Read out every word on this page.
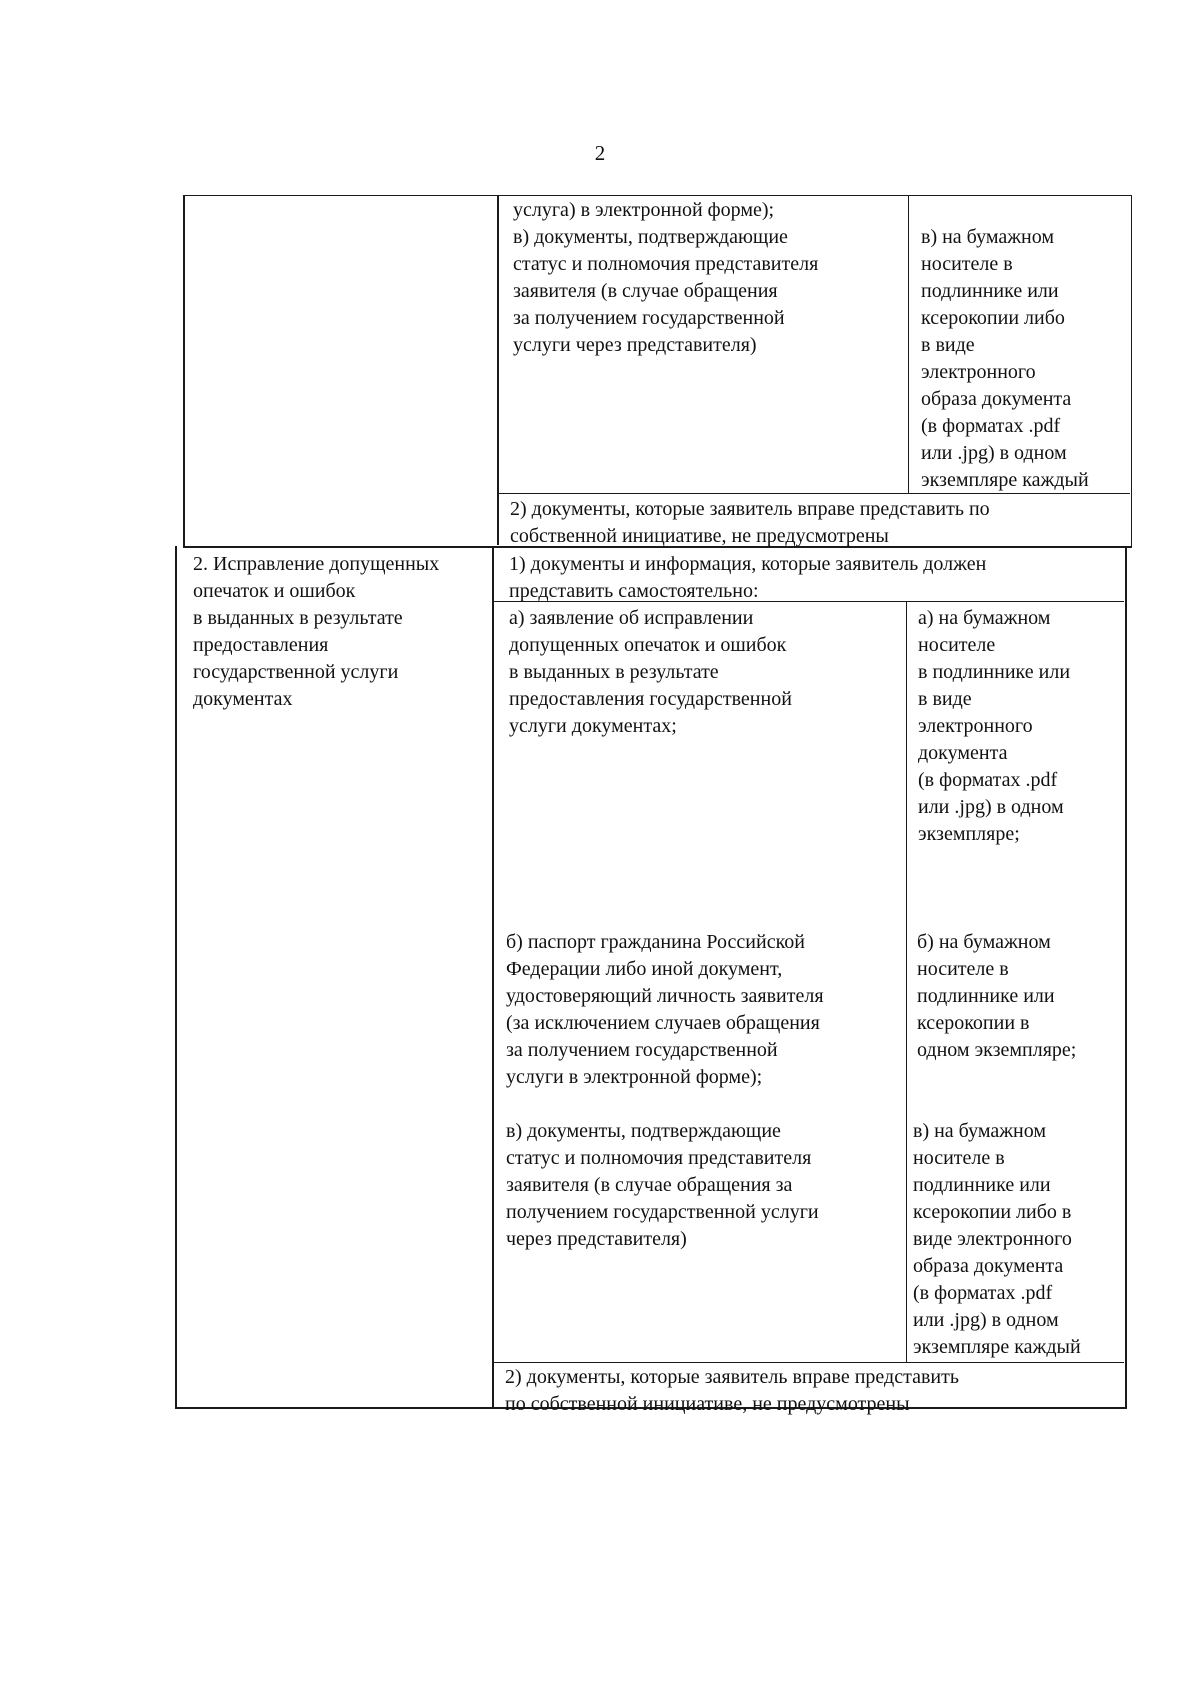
2
услуга) в электронной форме);
в) документы, подтверждающие
статус и полномочия представителя
заявителя (в случае обращения
за получением государственной
услуги через представителя)
в) на бумажном
носителе в
подлиннике или
ксерокопии либо
в виде
электронного
образа документа
(в форматах .pdf
или .jpg) в одном
экземпляре каждый
2) документы, которые заявитель вправе представить по
собственной инициативе, не предусмотрены
2. Исправление допущенных
опечаток и ошибок
в выданных в результате
предоставления
государственной услуги
документах
1) документы и информация, которые заявитель должен
представить самостоятельно:
а) заявление об исправлении
допущенных опечаток и ошибок
в выданных в результате
предоставления государственной
услуги документах;
а) на бумажном
носителе
в подлиннике или
в виде
электронного
документа
(в форматах .pdf
или .jpg) в одном
экземпляре;
б) паспорт гражданина Российской
Федерации либо иной документ,
удостоверяющий личность заявителя
(за исключением случаев обращения
за получением государственной
услуги в электронной форме);
б) на бумажном
носителе в
подлиннике или
ксерокопии в
одном экземпляре;
в) документы, подтверждающие
статус и полномочия представителя
заявителя (в случае обращения за
получением государственной услуги
через представителя)
в) на бумажном
носителе в
подлиннике или
ксерокопии либо в
виде электронного
образа документа
(в форматах .pdf
или .jpg) в одном
экземпляре каждый
2) документы, которые заявитель вправе представить
по собственной инициативе, не предусмотрены
